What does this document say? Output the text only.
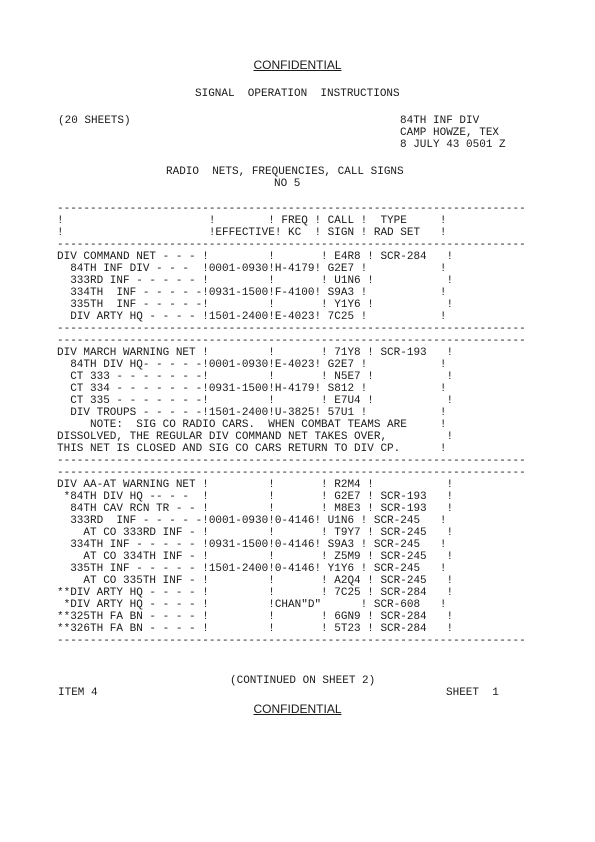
CONFIDENTIAL
SIGNAL  OPERATION  INSTRUCTIONS
(20 SHEETS)	84TH INF DIV
CAMP HOWZE, TEX
8 JULY 43 0501 Z
RADIO  NETS, FREQUENCIES, CALL SIGNS
NO 5
-----------------------------------------------------------------------
!                      !        ! FREQ ! CALL !  TYPE     !
!                      !EFFECTIVE! KC  ! SIGN ! RAD SET   !
-----------------------------------------------------------------------
DIV COMMAND NET - - - !         !       ! E4R8 ! SCR-284   !
84TH INF DIV - - -  !0001-0930!H-4179! G2E7 !           !
333RD INF - - - - - !         !       ! U1N6 !           !
334TH  INF - - - - -!0931-1500!F-4100! S9A3 !           !
335TH  INF - - - - -!         !       ! Y1Y6 !           !
DIV ARTY HQ - - - - !1501-2400!E-4023! 7C25 !           !
-----------------------------------------------------------------------
-----------------------------------------------------------------------
DIV MARCH WARNING NET !         !       ! 71Y8 ! SCR-193   !
84TH DIV HQ- - - - -!0001-0930!E-4023! G2E7 !           !
CT 333 - - - - - - -!         !       ! N5E7 !           !
CT 334 - - - - - - -!0931-1500!H-4179! S812 !           !
CT 335 - - - - - - -!         !       ! E7U4 !           !
DIV TROUPS - - - - -!1501-2400!U-3825! 57U1 !           !
NOTE:  SIG CO RADIO CARS.  WHEN COMBAT TEAMS ARE     !
DISSOLVED, THE REGULAR DIV COMMAND NET TAKES OVER,         !
THIS NET IS CLOSED AND SIG CO CARS RETURN TO DIV CP.      !
-----------------------------------------------------------------------
-----------------------------------------------------------------------
DIV AA-AT WARNING NET !         !       ! R2M4 !           !
*84TH DIV HQ -- - -  !         !       ! G2E7 ! SCR-193   !
84TH CAV RCN TR - - !         !       ! M8E3 ! SCR-193   !
333RD  INF - - - - -!0001-0930!0-4146! U1N6 ! SCR-245   !
AT CO 333RD INF - !         !       ! T9Y7 ! SCR-245   !
334TH INF - - - - - !0931-1500!0-4146! S9A3 ! SCR-245   !
AT CO 334TH INF - !         !       ! Z5M9 ! SCR-245   !
335TH INF - - - - - !1501-2400!0-4146! Y1Y6 ! SCR-245   !
AT CO 335TH INF - !         !       ! A2Q4 ! SCR-245   !
**DIV ARTY HQ - - - - !         !       ! 7C25 ! SCR-284   !
*DIV ARTY HQ - - - - !         !CHAN"D"      ! SCR-608   !
**325TH FA BN - - - - !         !       ! 6GN9 ! SCR-284   !
**326TH FA BN - - - - !         !       ! 5T23 ! SCR-284   !
-----------------------------------------------------------------------
(CONTINUED ON SHEET 2)
ITEM 4	SHEET  1
CONFIDENTIAL
